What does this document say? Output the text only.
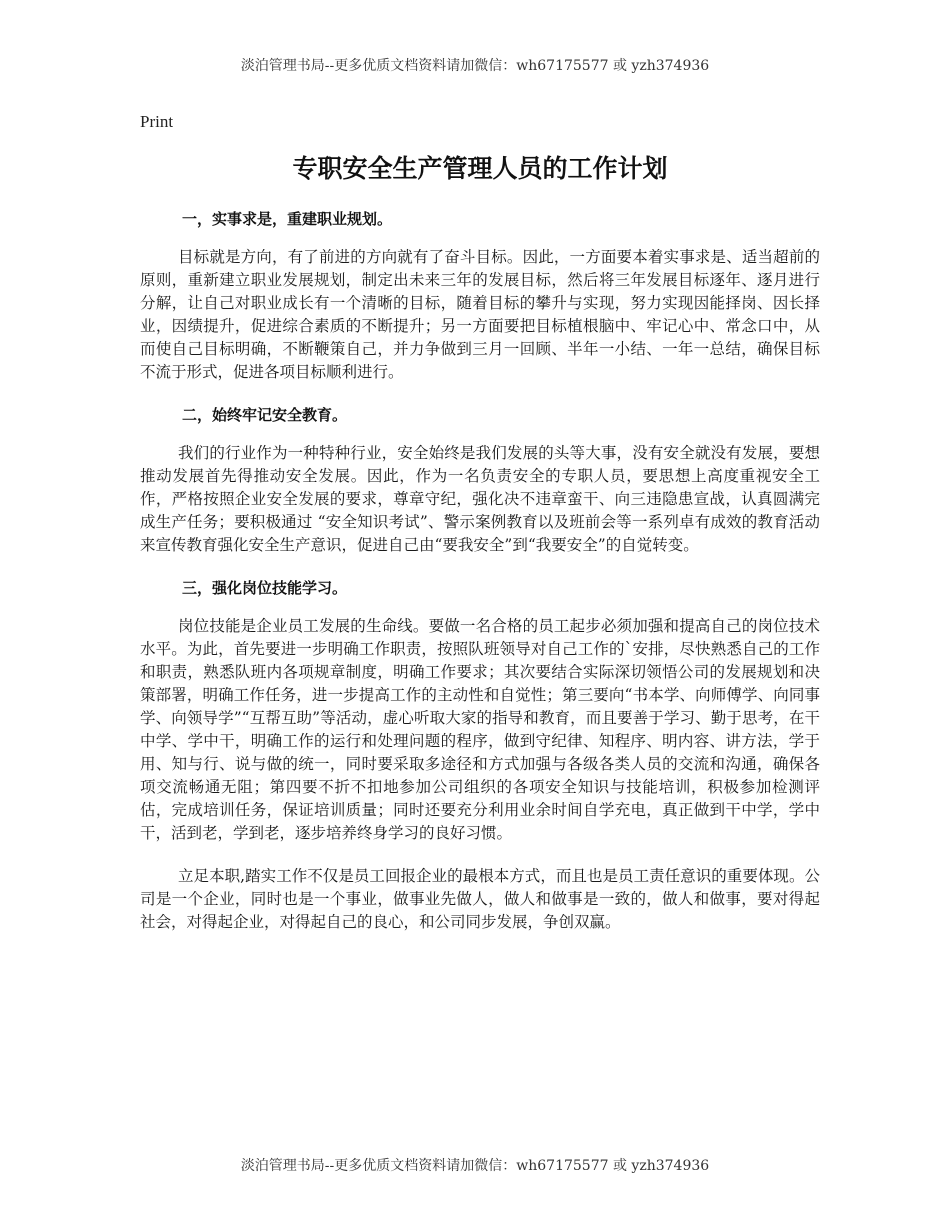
淡泊管理书局--更多优质文档资料请加微信：wh67175577 或 yzh374936
Print
专职安全生产管理人员的工作计划
一，实事求是，重建职业规划。

目标就是方向，有了前进的方向就有了奋斗目标。因此，一方面要本着实事求是、适当超前的原则，重新建立职业发展规划，制定出未来三年的发展目标，然后将三年发展目标逐年、逐月进行分解，让自己对职业成长有一个清晰的目标，随着目标的攀升与实现，努力实现因能择岗、因长择业，因绩提升，促进综合素质的不断提升；另一方面要把目标植根脑中、牢记心中、常念口中，从而使自己目标明确，不断鞭策自己，并力争做到三月一回顾、半年一小结、一年一总结，确保目标不流于形式，促进各项目标顺利进行。

二，始终牢记安全教育。

我们的行业作为一种特种行业，安全始终是我们发展的头等大事，没有安全就没有发展，要想推动发展首先得推动安全发展。因此，作为一名负责安全的专职人员，要思想上高度重视安全工作，严格按照企业安全发展的要求，尊章守纪，强化决不违章蛮干、向三违隐患宣战，认真圆满完成生产任务；要积极通过 “安全知识考试”、警示案例教育以及班前会等一系列卓有成效的教育活动来宣传教育强化安全生产意识，促进自己由“要我安全”到“我要安全”的自觉转变。

三，强化岗位技能学习。

岗位技能是企业员工发展的生命线。要做一名合格的员工起步必须加强和提高自己的岗位技术水平。为此，首先要进一步明确工作职责，按照队班领导对自己工作的`安排，尽快熟悉自己的工作和职责，熟悉队班内各项规章制度，明确工作要求；其次要结合实际深切领悟公司的发展规划和决策部署，明确工作任务，进一步提高工作的主动性和自觉性；第三要向“书本学、向师傅学、向同事学、向领导学”“互帮互助”等活动，虚心听取大家的指导和教育，而且要善于学习、勤于思考，在干中学、学中干，明确工作的运行和处理问题的程序，做到守纪律、知程序、明内容、讲方法，学于用、知与行、说与做的统一，同时要采取多途径和方式加强与各级各类人员的交流和沟通，确保各项交流畅通无阻；第四要不折不扣地参加公司组织的各项安全知识与技能培训，积极参加检测评估，完成培训任务，保证培训质量；同时还要充分利用业余时间自学充电，真正做到干中学，学中干，活到老，学到老，逐步培养终身学习的良好习惯。

立足本职,踏实工作不仅是员工回报企业的最根本方式，而且也是员工责任意识的重要体现。公司是一个企业，同时也是一个事业，做事业先做人，做人和做事是一致的，做人和做事，要对得起社会，对得起企业，对得起自己的良心，和公司同步发展，争创双赢。

淡泊管理书局--更多优质文档资料请加微信：wh67175577 或 yzh374936
